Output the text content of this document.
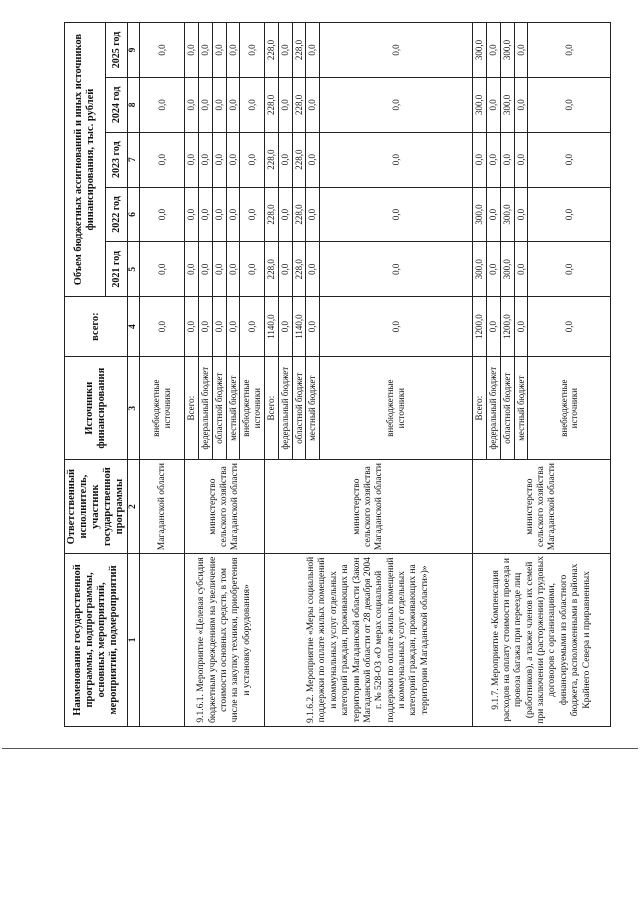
Наименование государственной программы, подпрограммы, основных мероприятий, мероприятий, подмероприятий	Ответственный исполнитель, участник государственной программы	Источники финансирования	всего:	Объем бюджетных ассигнований и иных источников финансирования, тыс. рублей				
				2021 год	2022 год	2023 год	2024 год	2025 год
1	2	3	4	5	6	7	8	9
	Магаданской области	внебюджетные источники	0,0	0,0	0,0	0,0	0,0	0,0
9.1.6.1. Мероприятие «Целевая субсидия бюджетным учреждениям на увеличение стоимости основных средств, в том числе на закупку техники, приобретения и установку оборудования»	министерство сельского хозяйства Магаданской области	Всего:	0,0	0,0	0,0	0,0	0,0	0,0
		федеральный бюджет	0,0	0,0	0,0	0,0	0,0	0,0
		областной бюджет	0,0	0,0	0,0	0,0	0,0	0,0
		местный бюджет	0,0	0,0	0,0	0,0	0,0	0,0
		внебюджетные источники	0,0	0,0	0,0	0,0	0,0	0,0
9.1.6.2. Мероприятие «Меры социальной поддержки по оплате жилых помещений и коммунальных услуг отдельных категорий граждан, проживающих на территории Магаданской области (Закон Магаданской области от 28 декабря 2004 г. № 528-ОЗ «О мерах социальной поддержки по оплате жилых помещений и коммунальных услуг отдельных категорий граждан, проживающих на территории Магаданской области»)»	министерство сельского хозяйства Магаданской области	Всего:	1140,0	228,0	228,0	228,0	228,0	228,0
		федеральный бюджет	0,0	0,0	0,0	0,0	0,0	0,0
		областной бюджет	1140,0	228,0	228,0	228,0	228,0	228,0
		местный бюджет	0,0	0,0	0,0	0,0	0,0	0,0
		внебюджетные источники	0,0	0,0	0,0	0,0	0,0	0,0
9.1.7. Мероприятие «Компенсация расходов на оплату стоимости проезда и провоза багажа при переезде лиц (работников), а также членов их семей при заключении (расторжении) трудовых договоров с организациями, финансируемыми из областного бюджета, расположенными в районах Крайнего Севера и приравненных	министерство сельского хозяйства Магаданской области	Всего:	1200,0	300,0	300,0	0,0	300,0	300,0
		федеральный бюджет	0,0	0,0	0,0	0,0	0,0	0,0
		областной бюджет	1200,0	300,0	300,0	0,0	300,0	300,0
		местный бюджет	0,0	0,0	0,0	0,0	0,0	0,0
		внебюджетные источники	0,0	0,0	0,0	0,0	0,0	0,0
